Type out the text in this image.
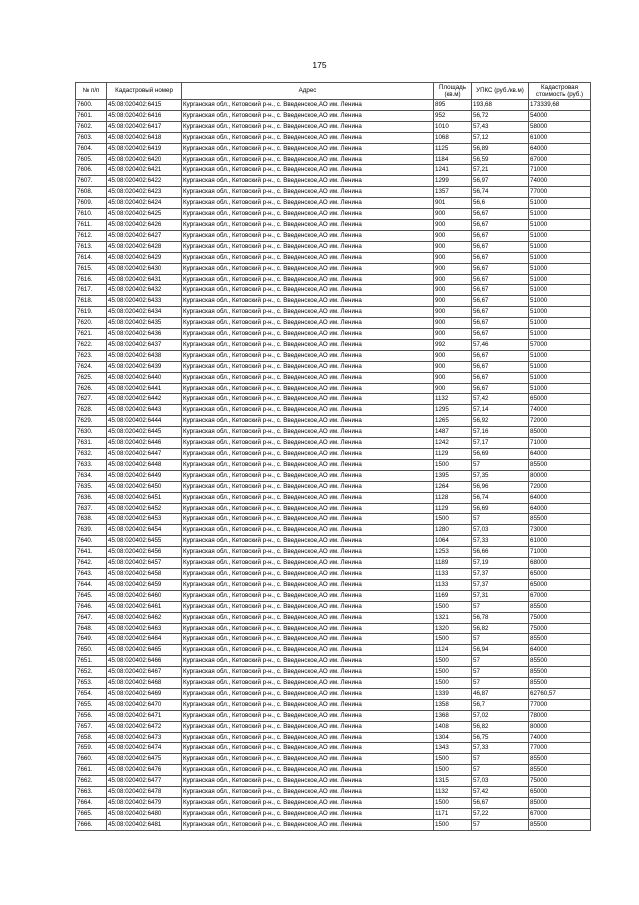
175
№ п/п	Кадастровый номер	Адрес	Площадь (кв.м)	УПКС (руб./кв.м)	Кадастровая стоимость (руб.)
7600.	45:08:020402:6415	Курганская обл., Кетовский р-н., с. Введенское,АО им. Ленина	895	193,68	173339,68
7601.	45:08:020402:6416	Курганская обл., Кетовский р-н., с. Введенское,АО им. Ленина	952	56,72	54000
7602.	45:08:020402:6417	Курганская обл., Кетовский р-н., с. Введенское,АО им. Ленина	1010	57,43	58000
7603.	45:08:020402:6418	Курганская обл., Кетовский р-н., с. Введенское,АО им. Ленина	1068	57,12	61000
7604.	45:08:020402:6419	Курганская обл., Кетовский р-н., с. Введенское,АО им. Ленина	1125	56,89	64000
7605.	45:08:020402:6420	Курганская обл., Кетовский р-н., с. Введенское,АО им. Ленина	1184	56,59	67000
7606.	45:08:020402:6421	Курганская обл., Кетовский р-н., с. Введенское,АО им. Ленина	1241	57,21	71000
7607.	45:08:020402:6422	Курганская обл., Кетовский р-н., с. Введенское,АО им. Ленина	1299	56,97	74000
7608.	45:08:020402:6423	Курганская обл., Кетовский р-н., с. Введенское,АО им. Ленина	1357	56,74	77000
7609.	45:08:020402:6424	Курганская обл., Кетовский р-н., с. Введенское,АО им. Ленина	901	56,6	51000
7610.	45:08:020402:6425	Курганская обл., Кетовский р-н., с. Введенское,АО им. Ленина	900	56,67	51000
7611.	45:08:020402:6426	Курганская обл., Кетовский р-н., с. Введенское,АО им. Ленина	900	56,67	51000
7612.	45:08:020402:6427	Курганская обл., Кетовский р-н., с. Введенское,АО им. Ленина	900	56,67	51000
7613.	45:08:020402:6428	Курганская обл., Кетовский р-н., с. Введенское,АО им. Ленина	900	56,67	51000
7614.	45:08:020402:6429	Курганская обл., Кетовский р-н., с. Введенское,АО им. Ленина	900	56,67	51000
7615.	45:08:020402:6430	Курганская обл., Кетовский р-н., с. Введенское,АО им. Ленина	900	56,67	51000
7616.	45:08:020402:6431	Курганская обл., Кетовский р-н., с. Введенское,АО им. Ленина	900	56,67	51000
7617.	45:08:020402:6432	Курганская обл., Кетовский р-н., с. Введенское,АО им. Ленина	900	56,67	51000
7618.	45:08:020402:6433	Курганская обл., Кетовский р-н., с. Введенское,АО им. Ленина	900	56,67	51000
7619.	45:08:020402:6434	Курганская обл., Кетовский р-н., с. Введенское,АО им. Ленина	900	56,67	51000
7620.	45:08:020402:6435	Курганская обл., Кетовский р-н., с. Введенское,АО им. Ленина	900	56,67	51000
7621.	45:08:020402:6436	Курганская обл., Кетовский р-н., с. Введенское,АО им. Ленина	900	56,67	51000
7622.	45:08:020402:6437	Курганская обл., Кетовский р-н., с. Введенское,АО им. Ленина	992	57,46	57000
7623.	45:08:020402:6438	Курганская обл., Кетовский р-н., с. Введенское,АО им. Ленина	900	56,67	51000
7624.	45:08:020402:6439	Курганская обл., Кетовский р-н., с. Введенское,АО им. Ленина	900	56,67	51000
7625.	45:08:020402:6440	Курганская обл., Кетовский р-н., с. Введенское,АО им. Ленина	900	56,67	51000
7626.	45:08:020402:6441	Курганская обл., Кетовский р-н., с. Введенское,АО им. Ленина	900	56,67	51000
7627.	45:08:020402:6442	Курганская обл., Кетовский р-н., с. Введенское,АО им. Ленина	1132	57,42	65000
7628.	45:08:020402:6443	Курганская обл., Кетовский р-н., с. Введенское,АО им. Ленина	1295	57,14	74000
7629.	45:08:020402:6444	Курганская обл., Кетовский р-н., с. Введенское,АО им. Ленина	1265	56,92	72000
7630.	45:08:020402:6445	Курганская обл., Кетовский р-н., с. Введенское,АО им. Ленина	1487	57,16	85000
7631.	45:08:020402:6446	Курганская обл., Кетовский р-н., с. Введенское,АО им. Ленина	1242	57,17	71000
7632.	45:08:020402:6447	Курганская обл., Кетовский р-н., с. Введенское,АО им. Ленина	1129	56,69	64000
7633.	45:08:020402:6448	Курганская обл., Кетовский р-н., с. Введенское,АО им. Ленина	1500	57	85500
7634.	45:08:020402:6449	Курганская обл., Кетовский р-н., с. Введенское,АО им. Ленина	1395	57,35	80000
7635.	45:08:020402:6450	Курганская обл., Кетовский р-н., с. Введенское,АО им. Ленина	1264	56,96	72000
7636.	45:08:020402:6451	Курганская обл., Кетовский р-н., с. Введенское,АО им. Ленина	1128	56,74	64000
7637.	45:08:020402:6452	Курганская обл., Кетовский р-н., с. Введенское,АО им. Ленина	1129	56,69	64000
7638.	45:08:020402:6453	Курганская обл., Кетовский р-н., с. Введенское,АО им. Ленина	1500	57	85500
7639.	45:08:020402:6454	Курганская обл., Кетовский р-н., с. Введенское,АО им. Ленина	1280	57,03	73000
7640.	45:08:020402:6455	Курганская обл., Кетовский р-н., с. Введенское,АО им. Ленина	1064	57,33	61000
7641.	45:08:020402:6456	Курганская обл., Кетовский р-н., с. Введенское,АО им. Ленина	1253	56,66	71000
7642.	45:08:020402:6457	Курганская обл., Кетовский р-н., с. Введенское,АО им. Ленина	1189	57,19	68000
7643.	45:08:020402:6458	Курганская обл., Кетовский р-н., с. Введенское,АО им. Ленина	1133	57,37	65000
7644.	45:08:020402:6459	Курганская обл., Кетовский р-н., с. Введенское,АО им. Ленина	1133	57,37	65000
7645.	45:08:020402:6460	Курганская обл., Кетовский р-н., с. Введенское,АО им. Ленина	1169	57,31	67000
7646.	45:08:020402:6461	Курганская обл., Кетовский р-н., с. Введенское,АО им. Ленина	1500	57	85500
7647.	45:08:020402:6462	Курганская обл., Кетовский р-н., с. Введенское,АО им. Ленина	1321	56,78	75000
7648.	45:08:020402:6463	Курганская обл., Кетовский р-н., с. Введенское,АО им. Ленина	1320	56,82	75000
7649.	45:08:020402:6464	Курганская обл., Кетовский р-н., с. Введенское,АО им. Ленина	1500	57	85500
7650.	45:08:020402:6465	Курганская обл., Кетовский р-н., с. Введенское,АО им. Ленина	1124	56,94	64000
7651.	45:08:020402:6466	Курганская обл., Кетовский р-н., с. Введенское,АО им. Ленина	1500	57	85500
7652.	45:08:020402:6467	Курганская обл., Кетовский р-н., с. Введенское,АО им. Ленина	1500	57	85500
7653.	45:08:020402:6468	Курганская обл., Кетовский р-н., с. Введенское,АО им. Ленина	1500	57	85500
7654.	45:08:020402:6469	Курганская обл., Кетовский р-н., с. Введенское,АО им. Ленина	1339	46,87	62760,57
7655.	45:08:020402:6470	Курганская обл., Кетовский р-н., с. Введенское,АО им. Ленина	1358	56,7	77000
7656.	45:08:020402:6471	Курганская обл., Кетовский р-н., с. Введенское,АО им. Ленина	1368	57,02	78000
7657.	45:08:020402:6472	Курганская обл., Кетовский р-н., с. Введенское,АО им. Ленина	1408	56,82	80000
7658.	45:08:020402:6473	Курганская обл., Кетовский р-н., с. Введенское,АО им. Ленина	1304	56,75	74000
7659.	45:08:020402:6474	Курганская обл., Кетовский р-н., с. Введенское,АО им. Ленина	1343	57,33	77000
7660.	45:08:020402:6475	Курганская обл., Кетовский р-н., с. Введенское,АО им. Ленина	1500	57	85500
7661.	45:08:020402:6476	Курганская обл., Кетовский р-н., с. Введенское,АО им. Ленина	1500	57	85500
7662.	45:08:020402:6477	Курганская обл., Кетовский р-н., с. Введенское,АО им. Ленина	1315	57,03	75000
7663.	45:08:020402:6478	Курганская обл., Кетовский р-н., с. Введенское,АО им. Ленина	1132	57,42	65000
7664.	45:08:020402:6479	Курганская обл., Кетовский р-н., с. Введенское,АО им. Ленина	1500	56,67	85000
7665.	45:08:020402:6480	Курганская обл., Кетовский р-н., с. Введенское,АО им. Ленина	1171	57,22	67000
7666.	45:08:020402:6481	Курганская обл., Кетовский р-н., с. Введенское,АО им. Ленина	1500	57	85500
